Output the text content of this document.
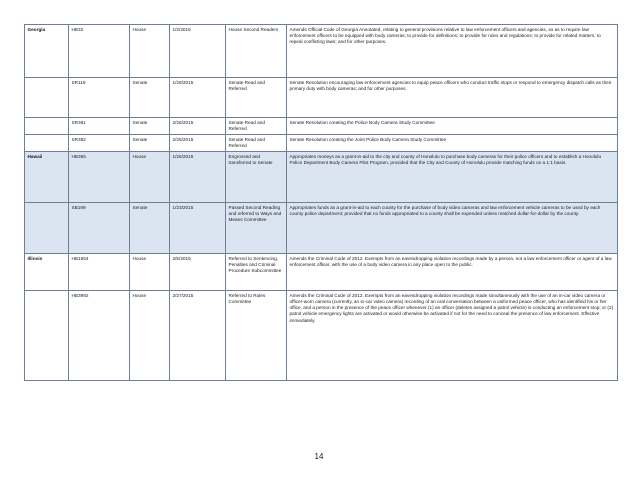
Georgia	HB32	House	1/2/2015	House Second Readers	Amends Official Code of Georgia Annotated, relating to general provisions relative to law enforcement officers and agencies, so as to require law enforcement officers to be equipped with body cameras; to provide for definitions; to provide for rules and regulations; to provide for related matters; to repeal conflicting laws; and for other purposes.
	SR119	Senate	1/29/2015	Senate Read and Referred	Senate Resolution encouraging law enforcement agencies to equip peace officers who conduct traffic stops or respond to emergency dispatch calls as their primary duty with body cameras; and for other purposes.
	SR381	Senate	2/25/2015	Senate Read and Referred	Senate Resolution creating the Police Body Camera Study Committee
	SR382	Senate	2/25/2015	Senate Read and Referred	Senate Resolution creating the Joint Police Body Camera Study Committee
Hawaii	HB365	House	1/26/2015	Engrossed and transferred to Senate	Appropriates moneys as a grant-in-aid to the city and county of Honolulu to purchase body cameras for their police officers and to establish a Honolulu Police Department Body Camera Pilot Program, provided that the City and County of Honolulu provide matching funds on a 1:1 basis.
	SB199	Senate	1/23/2015	Passed Second Reading and referred to Ways and Means Committee	Appropriates funds as a grant-in-aid to each county for the purchase of body video cameras and law enforcement vehicle cameras to be used by each county police department; provided that no funds appropriated to a county shall be expended unless matched dollar-for-dollar by the county.
Illinois	HB1554	House	2/6/2015	Referred to Sentencing, Penalties and Criminal Procedure Subcommittee	Amends the Criminal Code of 2012. Exempts from an eavesdropping violation recordings made by a person, not a law enforcement officer or agent of a law enforcement officer, with the use of a body video camera in any place open to the public.
	HB3992	House	2/27/2015	Referred to Rules Committee	Amends the Criminal Code of 2012. Exempts from an eavesdropping violation recordings made simultaneously with the use of an in-car video camera or officer-worn camera (currently, an in-car video camera) recording of an oral conversation between a uniformed peace officer, who has identified his or her office, and a person in the presence of the peace officer whenever (1) an officer (deletes assigned a patrol vehicle) is conducting an enforcement stop; or (2) patrol vehicle emergency lights are activated or would otherwise be activated if not for the need to conceal the presence of law enforcement. Effective immediately.
14
